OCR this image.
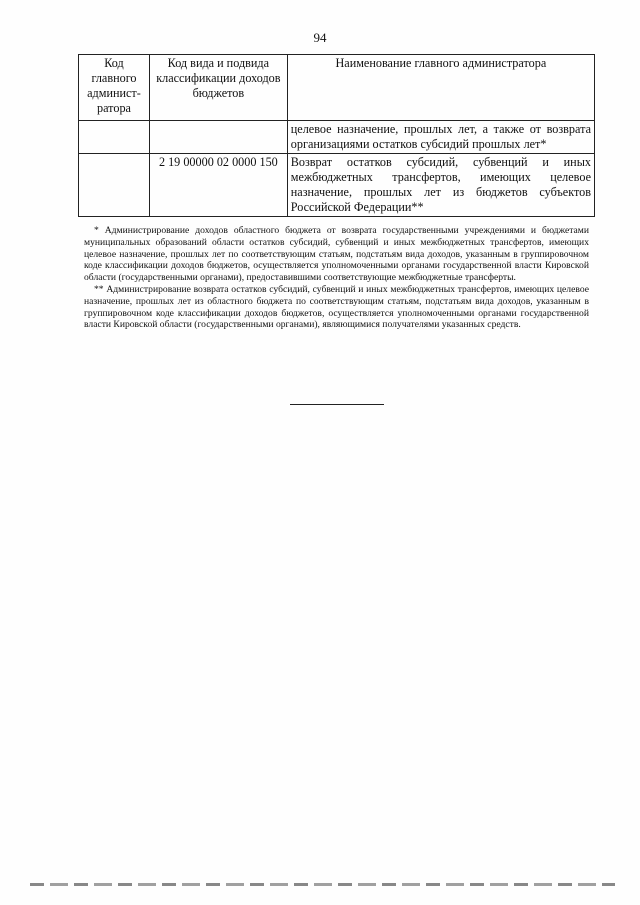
94
Код главного админист-ратора	Код вида и подвида классификации доходов бюджетов	Наименование главного администратора
		целевое назначение, прошлых лет, а также от возврата организациями остатков субсидий прошлых лет*
	2 19 00000 02 0000 150	Возврат остатков субсидий, субвенций и иных межбюджетных трансфертов, имеющих целевое назначение, прошлых лет из бюджетов субъектов Российской Федерации**

* Администрирование доходов областного бюджета от возврата государственными учреждениями и бюджетами муниципальных образований области остатков субсидий, субвенций и иных межбюджетных трансфертов, имеющих целевое назначение, прошлых лет по соответствующим статьям, подстатьям вида доходов, указанным в группировочном коде классификации доходов бюджетов, осуществляется уполномоченными органами государственной власти Кировской области (государственными органами), предоставившими соответствующие межбюджетные трансферты.

** Администрирование возврата остатков субсидий, субвенций и иных межбюджетных трансфертов, имеющих целевое назначение, прошлых лет из областного бюджета по соответствующим статьям, подстатьям вида доходов, указанным в группировочном коде классификации доходов бюджетов, осуществляется уполномоченными органами государственной власти Кировской области (государственными органами), являющимися получателями указанных средств.
